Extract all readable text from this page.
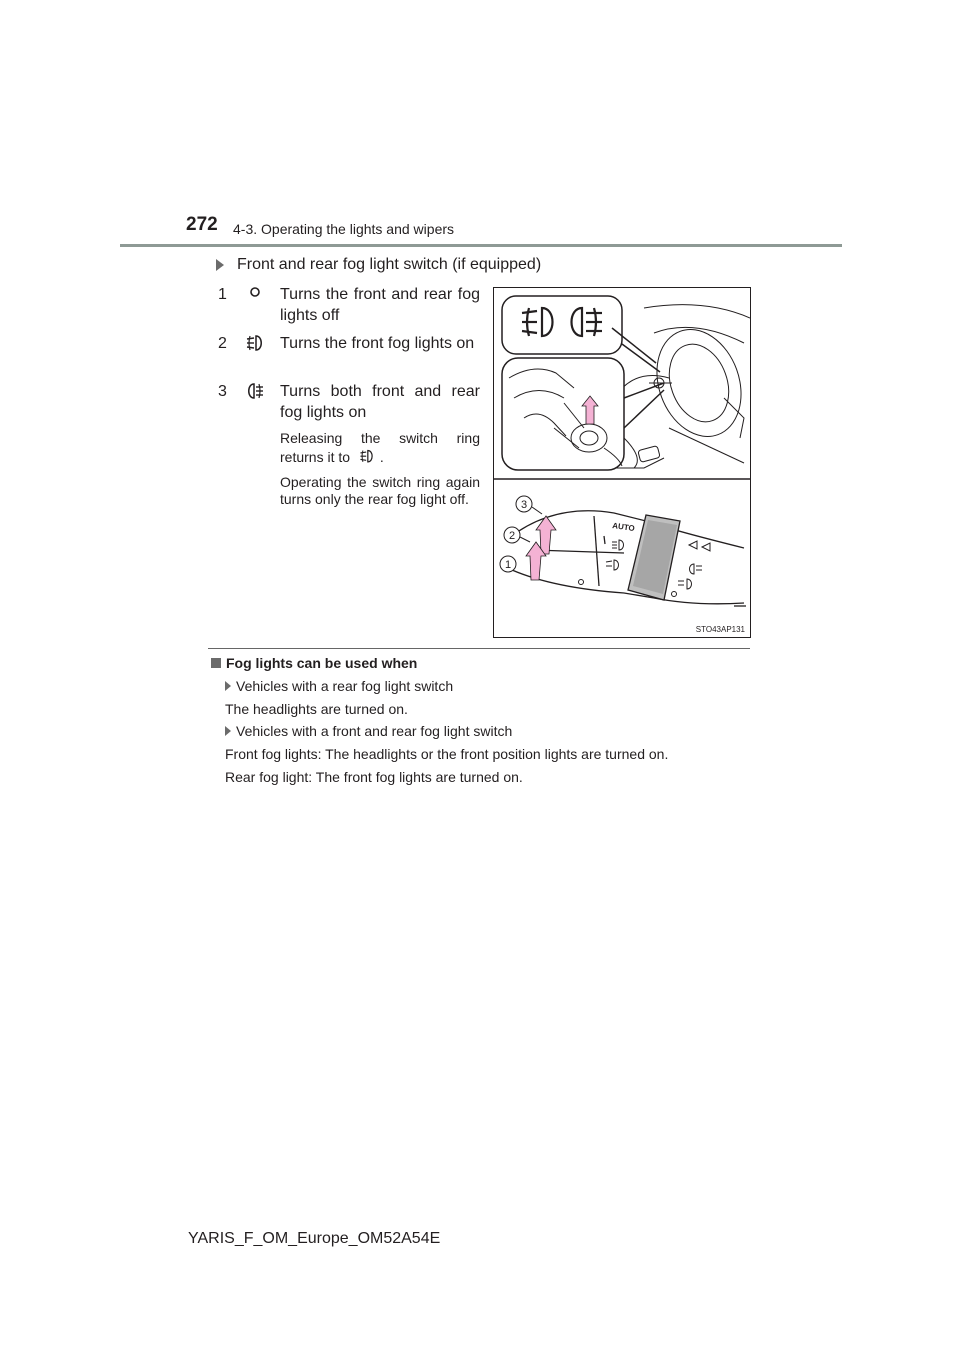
272 4-3. Operating the lights and wipers
Front and rear fog light switch (if equipped)
1	Turns the front and rear fog lights off
2	Turns the front fog lights on
3	Turns both front and rear fog lights on
Releasing the switch ring returns it to .
Operating the switch ring again turns only the rear fog light off.
AUTO
3
2
1
STO43AP131
Fog lights can be used when
Vehicles with a rear fog light switch
The headlights are turned on.
Vehicles with a front and rear fog light switch
Front fog lights: The headlights or the front position lights are turned on.
Rear fog light: The front fog lights are turned on.
YARIS_F_OM_Europe_OM52A54E
